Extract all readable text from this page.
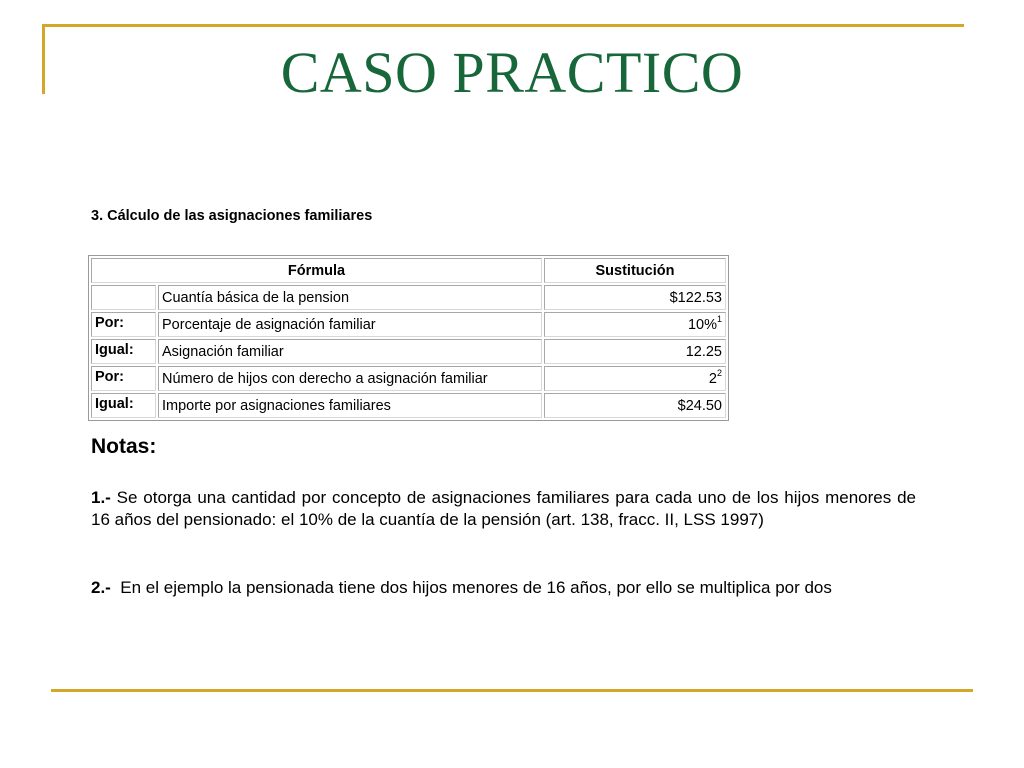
CASO PRACTICO
3. Cálculo de las asignaciones familiares
Fórmula		Sustitución
	Cuantía básica de la pension	$122.53
Por:	Porcentaje de asignación familiar	10%$^1$
Igual:	Asignación familiar	12.25
Por:	Número de hijos con derecho a asignación familiar	$2^2$
Igual:	Importe por asignaciones familiares	$24.50
Notas:
1.- Se otorga una cantidad por concepto de asignaciones familiares para cada uno de los hijos menores de 16 años del pensionado: el 10% de la cuantía de la pensión (art. 138, fracc. II, LSS 1997)
2.-  En el ejemplo la pensionada tiene dos hijos menores de 16 años, por ello se multiplica por dos
